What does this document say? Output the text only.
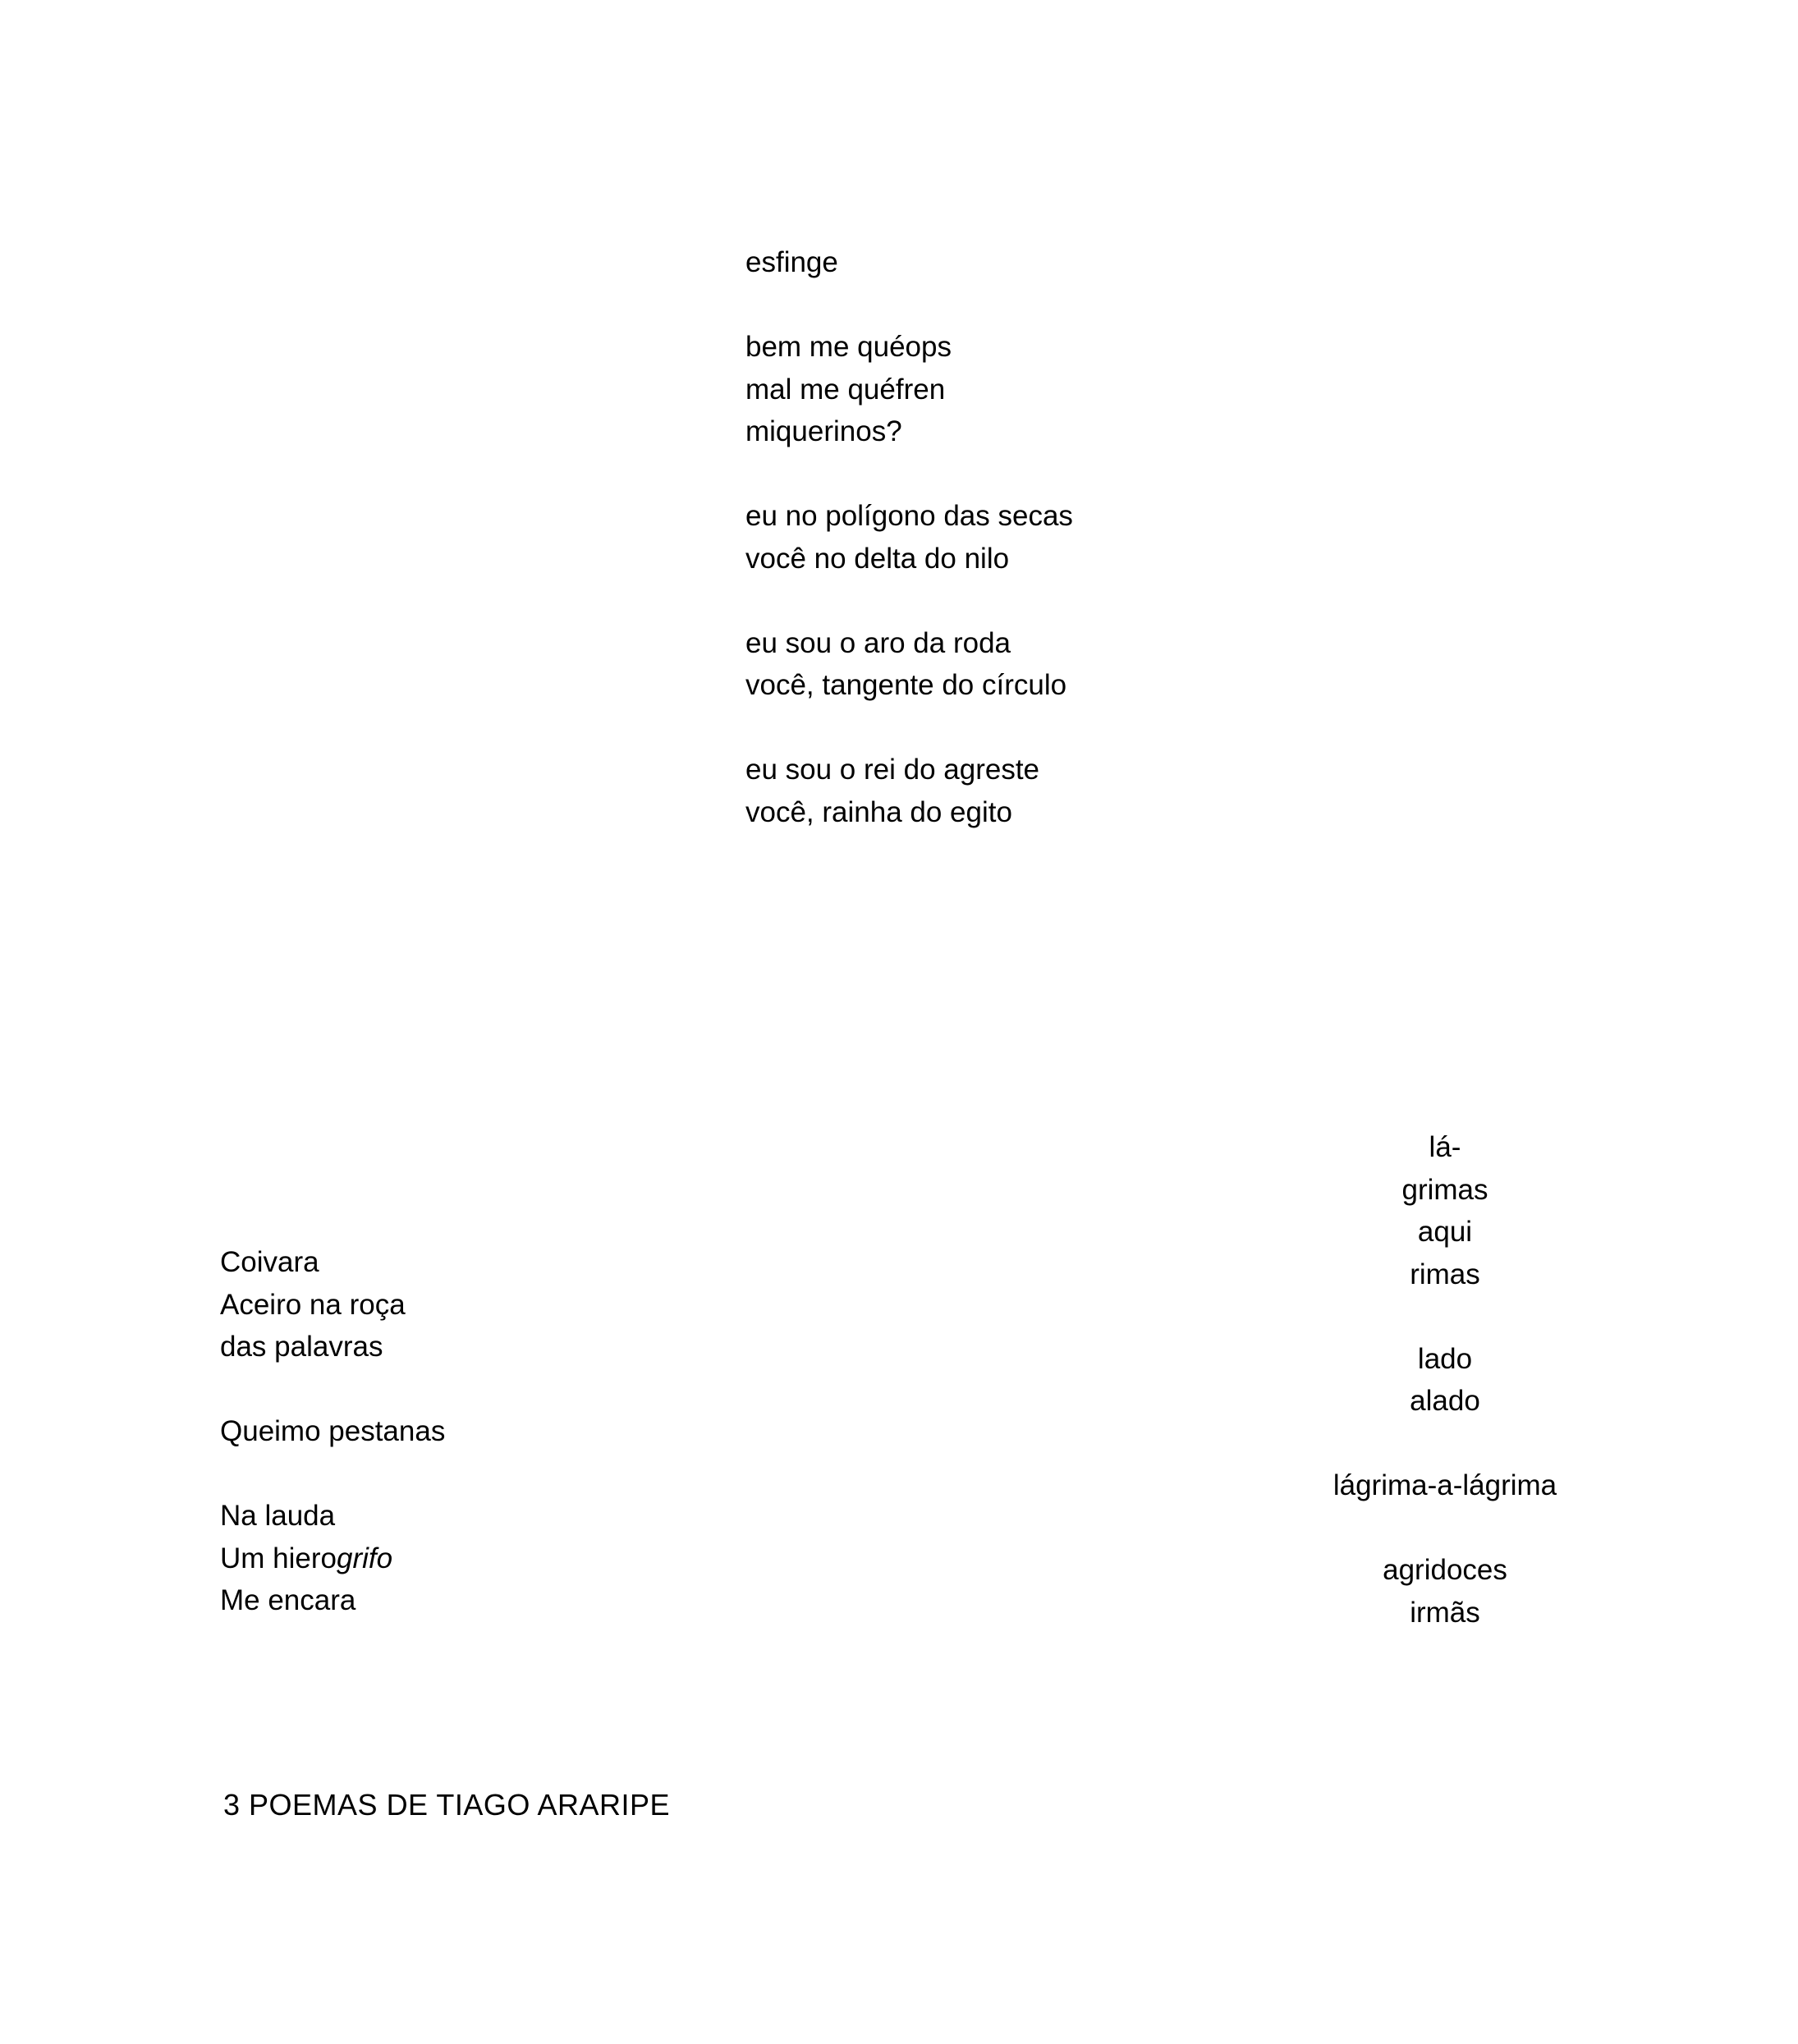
esfinge
bem me quéops
mal me quéfren
miquerinos?
eu no polígono das secas
você no delta do nilo
eu sou o aro da roda
você, tangente do círculo
eu sou o rei do agreste
você, rainha do egito
Coivara
Aceiro na roça
das palavras
Queimo pestanas
Na lauda
Um hierogrifo
Me encara
lá-
grimas
aqui
rimas
lado
alado
lágrima-a-lágrima
agridoces
irmãs
3 POEMAS DE TIAGO ARARIPE
